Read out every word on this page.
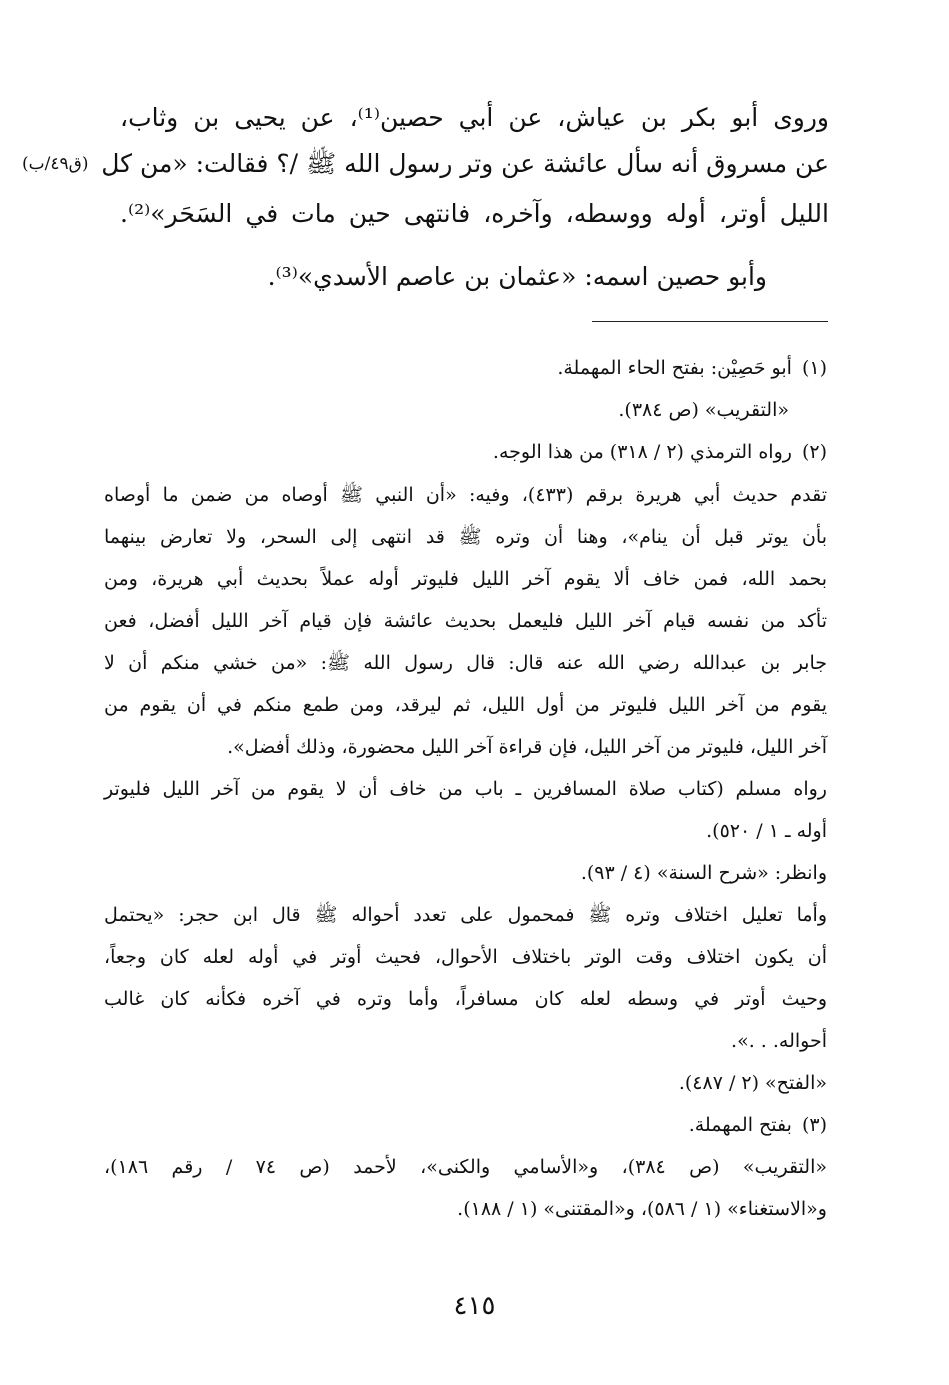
وروى أبو بكر بن عياش، عن أبي حصين⁽¹⁾، عن يحيى بن وثاب،
عن مسروق أنه سأل عائشة عن وتر رسول الله ﷺ /؟ فقالت: «من كل
(ق٤٩/ب)
الليل أوتر، أوله ووسطه، وآخره، فانتهى حين مات في السَحَر»⁽²⁾.
وأبو حصين اسمه: «عثمان بن عاصم الأسدي»⁽³⁾.
(١)أبو حَصِيْن: بفتح الحاء المهملة.
«التقريب» (ص ٣٨٤).
(٢)رواه الترمذي (٢ / ٣١٨) من هذا الوجه.
تقدم حديث أبي هريرة برقم (٤٣٣)، وفيه: «أن النبي ﷺ أوصاه من ضمن ما أوصاه
بأن يوتر قبل أن ينام»، وهنا أن وتره ﷺ قد انتهى إلى السحر، ولا تعارض بينهما
بحمد الله، فمن خاف ألا يقوم آخر الليل فليوتر أوله عملاً بحديث أبي هريرة، ومن
تأكد من نفسه قيام آخر الليل فليعمل بحديث عائشة فإن قيام آخر الليل أفضل، فعن
جابر بن عبدالله رضي الله عنه قال: قال رسول الله ﷺ: «من خشي منكم أن لا
يقوم من آخر الليل فليوتر من أول الليل، ثم ليرقد، ومن طمع منكم في أن يقوم من
آخر الليل، فليوتر من آخر الليل، فإن قراءة آخر الليل محضورة، وذلك أفضل».
رواه مسلم (كتاب صلاة المسافرين ـ باب من خاف أن لا يقوم من آخر الليل فليوتر
أوله ـ ١ / ٥٢٠).
وانظر: «شرح السنة» (٤ / ٩٣).
وأما تعليل اختلاف وتره ﷺ فمحمول على تعدد أحواله ﷺ قال ابن حجر: «يحتمل
أن يكون اختلاف وقت الوتر باختلاف الأحوال، فحيث أوتر في أوله لعله كان وجعاً،
وحيث أوتر في وسطه لعله كان مسافراً، وأما وتره في آخره فكأنه كان غالب
أحواله. . .».
«الفتح» (٢ / ٤٨٧).
(٣)بفتح المهملة.
«التقريب» (ص ٣٨٤)، و«الأسامي والكنى»، لأحمد (ص ٧٤ / رقم ١٨٦)،
و«الاستغناء» (١ / ٥٨٦)، و«المقتنى» (١ / ١٨٨).
٤١٥
